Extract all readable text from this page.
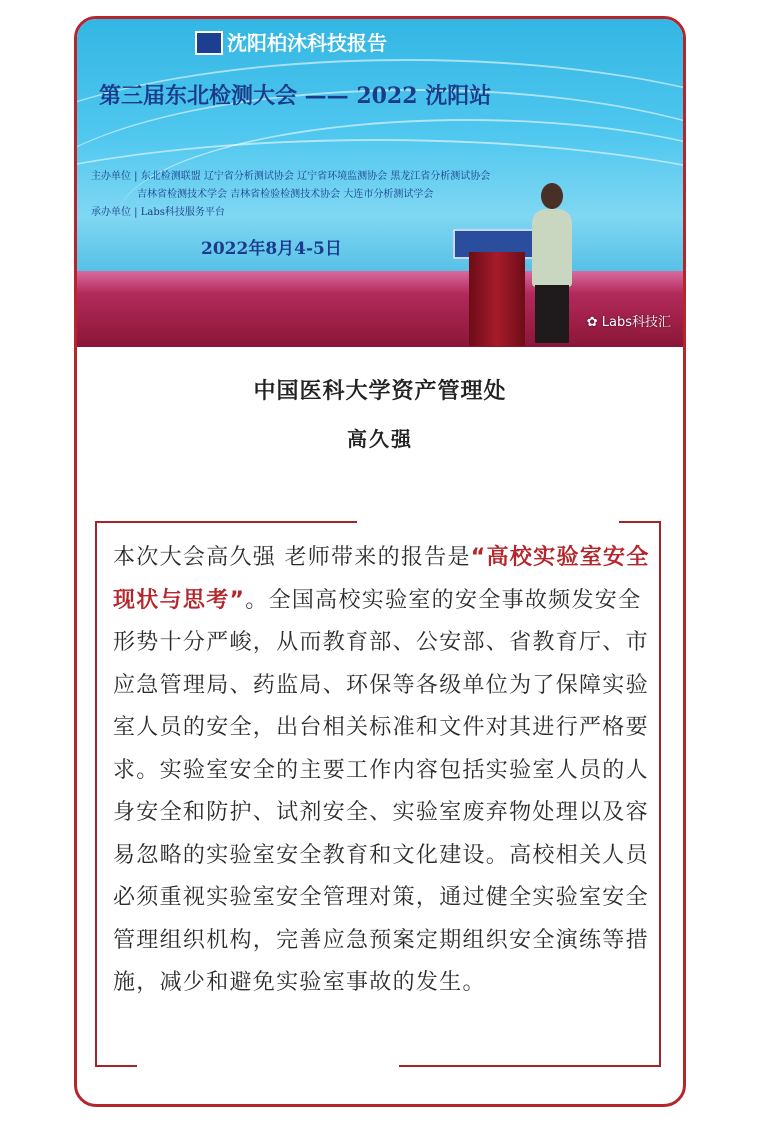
沈阳柏沐科技报告
第三届东北检测大会 —— 2022 沈阳站
主办单位 | 东北检测联盟 辽宁省分析测试协会 辽宁省环境监测协会 黑龙江省分析测试协会
吉林省检测技术学会 吉林省检验检测技术协会 大连市分析测试学会
承办单位 | Labs科技服务平台
2022年8月4-5日
✿ Labs科技汇
中国医科大学资产管理处
高久强
本次大会高久强 老师带来的报告是“高校实验室安全现状与思考”。全国高校实验室的安全事故频发安全形势十分严峻，从而教育部、公安部、省教育厅、市应急管理局、药监局、环保等各级单位为了保障实验室人员的安全，出台相关标准和文件对其进行严格要求。实验室安全的主要工作内容包括实验室人员的人身安全和防护、试剂安全、实验室废弃物处理以及容易忽略的实验室安全教育和文化建设。高校相关人员必须重视实验室安全管理对策，通过健全实验室安全管理组织机构，完善应急预案定期组织安全演练等措施，减少和避免实验室事故的发生。
